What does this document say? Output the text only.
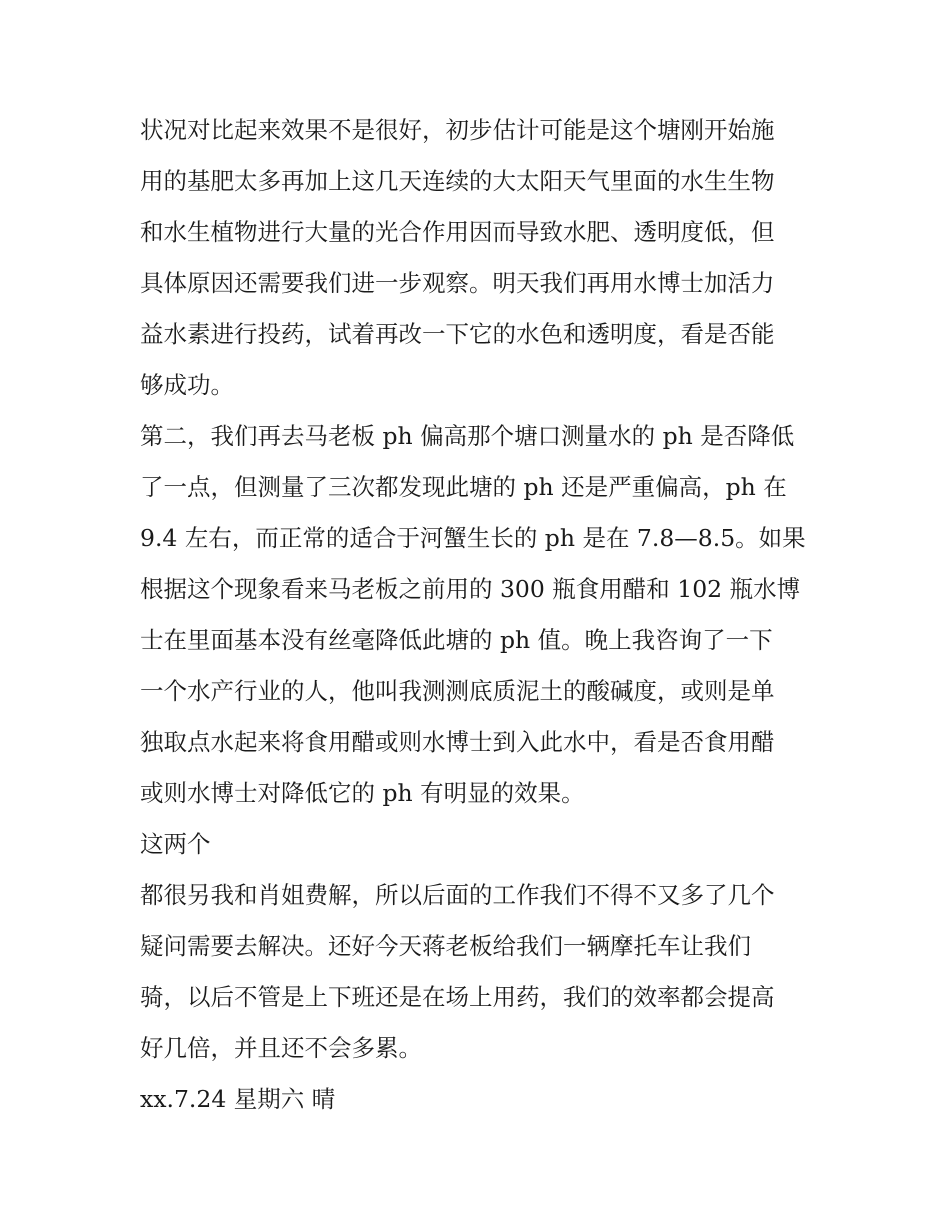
状况对比起来效果不是很好，初步估计可能是这个塘刚开始施
用的基肥太多再加上这几天连续的大太阳天气里面的水生生物
和水生植物进行大量的光合作用因而导致水肥、透明度低，但
具体原因还需要我们进一步观察。明天我们再用水博士加活力
益水素进行投药，试着再改一下它的水色和透明度，看是否能
够成功。

第二，我们再去马老板 ph 偏高那个塘口测量水的 ph 是否降低
了一点，但测量了三次都发现此塘的 ph 还是严重偏高，ph 在
9.4 左右，而正常的适合于河蟹生长的 ph 是在 7.8—8.5。如果
根据这个现象看来马老板之前用的 300 瓶食用醋和 102 瓶水博
士在里面基本没有丝毫降低此塘的 ph 值。晚上我咨询了一下
一个水产行业的人，他叫我测测底质泥土的酸碱度，或则是单
独取点水起来将食用醋或则水博士到入此水中，看是否食用醋
或则水博士对降低它的 ph 有明显的效果。

这两个

都很另我和肖姐费解，所以后面的工作我们不得不又多了几个
疑问需要去解决。还好今天蒋老板给我们一辆摩托车让我们
骑，以后不管是上下班还是在场上用药，我们的效率都会提高
好几倍，并且还不会多累。

xx.7.24 星期六 晴
